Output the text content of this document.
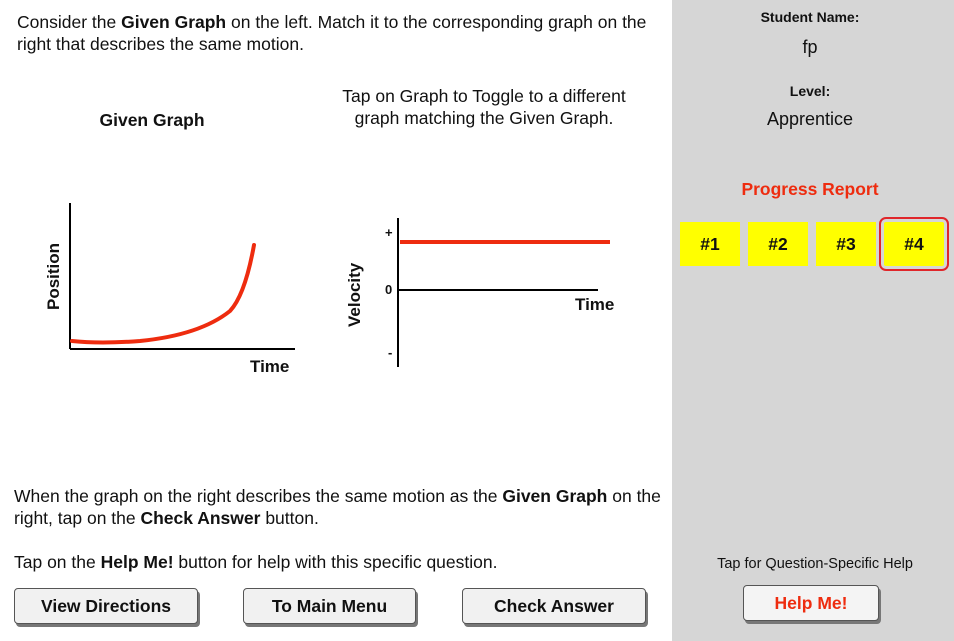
Consider the Given Graph on the left. Match it to the corresponding graph on the right that describes the same motion.
Given Graph
Tap on Graph to Toggle to a different graph matching the Given Graph.
Position
Time
+
0
-
Velocity	Time
When the graph on the right describes the same motion as the Given Graph on the right, tap on the Check Answer button.
Tap on the Help Me! button for help with this specific question.
View Directions	To Main Menu	Check Answer
Student Name:
fp
Level:
Apprentice
Progress Report
#1	#2	#3	#4
Tap for Question-Specific Help
Help Me!
